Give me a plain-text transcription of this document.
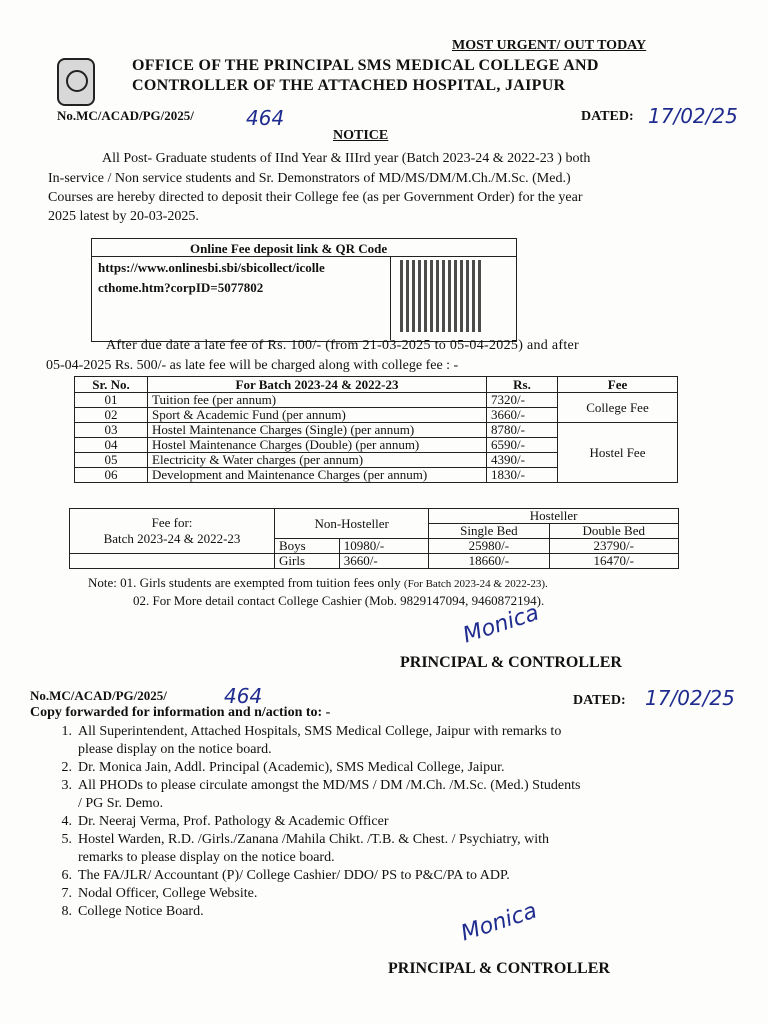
MOST URGENT/ OUT TODAY
OFFICE OF THE PRINCIPAL SMS MEDICAL COLLEGE AND
CONTROLLER OF THE ATTACHED HOSPITAL, JAIPUR
No.MC/ACAD/PG/2025/	464	DATED: 17/02/25
NOTICE
All Post- Graduate students of IInd Year & IIIrd year (Batch 2023-24 & 2022-23 ) both
In-service / Non service students and Sr. Demonstrators of MD/MS/DM/M.Ch./M.Sc. (Med.)
Courses are hereby directed to deposit their College fee (as per Government Order) for the year
2025 latest by 20-03-2025.
Online Fee deposit link & QR Code
https://www.onlinesbi.sbi/sbicollect/icolle
cthome.htm?corpID=5077802
After due date a late fee of Rs. 100/- (from 21-03-2025 to 05-04-2025) and after
05-04-2025 Rs. 500/- as late fee will be charged along with college fee : -
Sr. No.	For Batch 2023-24 & 2022-23	Rs.	Fee
01	Tuition fee (per annum)	7320/-	College Fee
02	Sport & Academic Fund (per annum)	3660/-	
03	Hostel Maintenance Charges (Single) (per annum)	8780/-	Hostel Fee
04	Hostel Maintenance Charges (Double) (per annum)	6590/-	
05	Electricity & Water charges (per annum)	4390/-	
06	Development and Maintenance Charges (per annum)	1830/-	
Fee for:
Batch 2023-24 & 2022-23	Non-Hosteller		Hosteller	
			Single Bed	Double Bed
	Boys	10980/-	25980/-	23790/-
	Girls	3660/-	18660/-	16470/-
Note: 01. Girls students are exempted from tuition fees only (For Batch 2023-24 & 2022-23).
02. For More detail contact College Cashier (Mob. 9829147094, 9460872194).
Monica
PRINCIPAL & CONTROLLER
No.MC/ACAD/PG/2025/	464	DATED: 17/02/25
Copy forwarded for information and n/action to: -
1. All Superintendent, Attached Hospitals, SMS Medical College, Jaipur with remarks to
please display on the notice board.
2. Dr. Monica Jain, Addl. Principal (Academic), SMS Medical College, Jaipur.
3. All PHODs to please circulate amongst the MD/MS / DM /M.Ch. /M.Sc. (Med.) Students
/ PG Sr. Demo.
4. Dr. Neeraj Verma, Prof. Pathology & Academic Officer
5. Hostel Warden, R.D. /Girls./Zanana /Mahila Chikt. /T.B. & Chest. / Psychiatry, with
remarks to please display on the notice board.
6. The FA/JLR/ Accountant (P)/ College Cashier/ DDO/ PS to P&C/PA to ADP.
7. Nodal Officer, College Website.
8. College Notice Board.	Monica
PRINCIPAL & CONTROLLER
